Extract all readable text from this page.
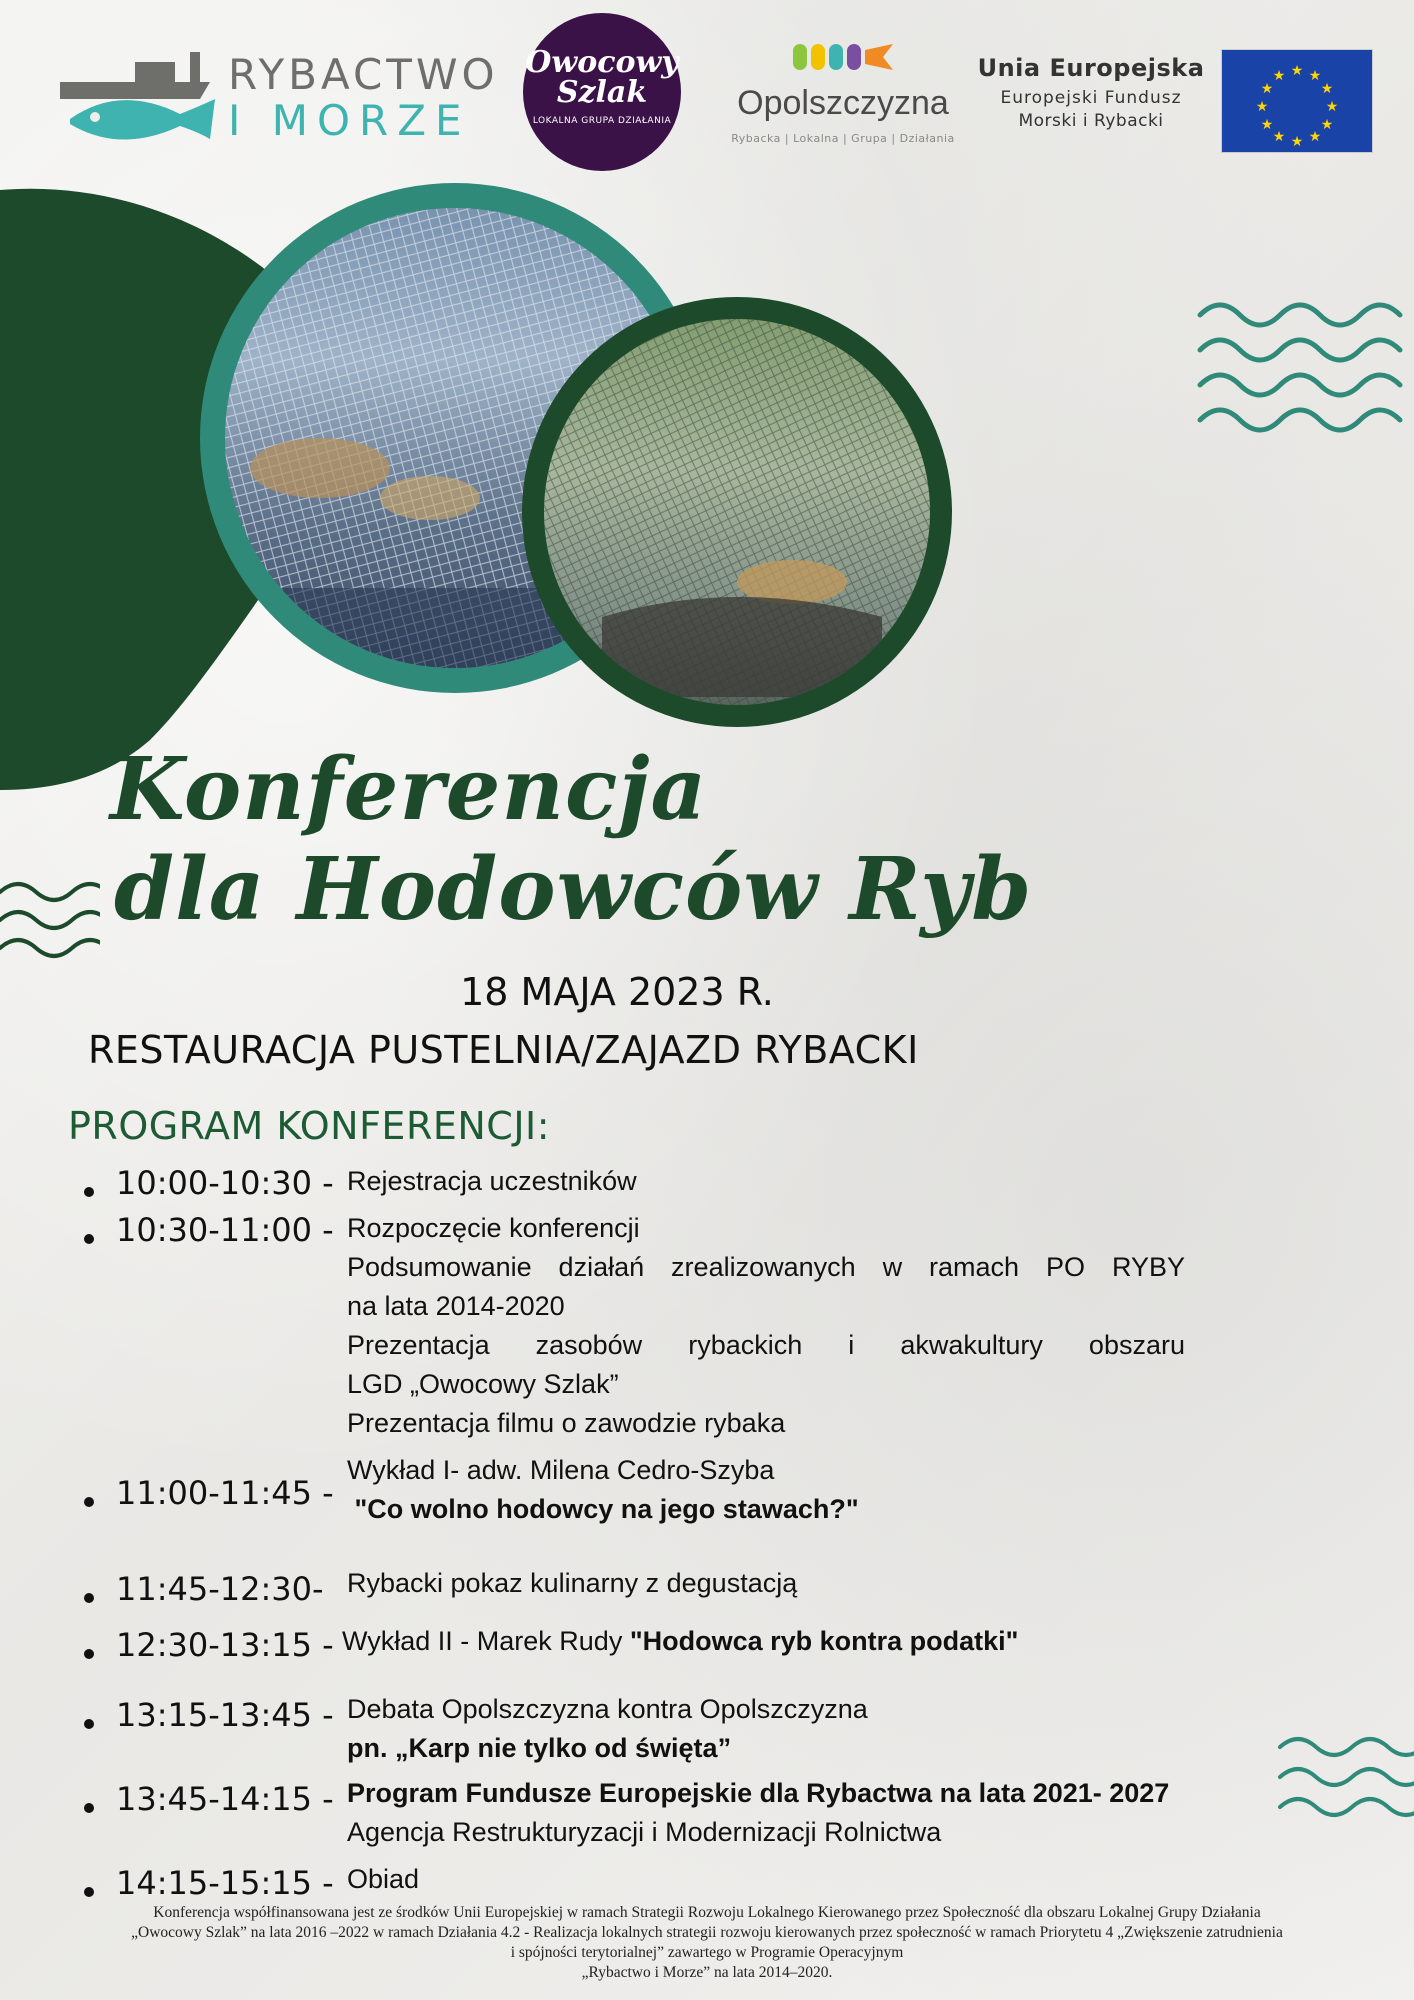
RYBACTWO
I MORZE
Owocowy
Szlak
LOKALNA GRUPA DZIAŁANIA Opolszczyzna
Rybacka | Lokalna | Grupa | Działania
Unia Europejska
Europejski Fundusz
Morski i Rybacki
★ ★
★
★
★
★
★
★
★
★
★
★
Konferencja

dla Hodowców Ryb
18 MAJA 2023 R.
RESTAURACJA PUSTELNIA/ZAJAZD RYBACKI
PROGRAM KONFERENCJI:
10:00-10:30 - Rejestracja uczestników
10:30-11:00 - Rozpoczęcie konferencji
Podsumowanie działań zrealizowanych w ramach PO RYBY
na lata 2014-2020
Prezentacja zasobów rybackich i akwakultury obszaru
LGD „Owocowy Szlak”
Prezentacja filmu o zawodzie rybaka
11:00-11:45 -
Wykład I- adw. Milena Cedro-Szyba
"Co wolno hodowcy na jego stawach?"
11:45-12:30- Rybacki pokaz kulinarny z degustacją
12:30-13:15 - Wykład II - Marek Rudy "Hodowca ryb kontra podatki"
13:15-13:45 - Debata Opolszczyzna kontra Opolszczyzna
pn. „Karp nie tylko od święta”
13:45-14:15 - Program Fundusze Europejskie dla Rybactwa na lata 2021- 2027
Agencja Restrukturyzacji i Modernizacji Rolnictwa
14:15-15:15 - Obiad
Konferencja współfinansowana jest ze środków Unii Europejskiej w ramach Strategii Rozwoju Lokalnego Kierowanego przez Społeczność dla obszaru Lokalnej Grupy Działania
„Owocowy Szlak” na lata 2016 –2022 w ramach Działania 4.2 - Realizacja lokalnych strategii rozwoju kierowanych przez społeczność w ramach Priorytetu 4 „Zwiększenie zatrudnienia
i spójności terytorialnej” zawartego w Programie Operacyjnym
„Rybactwo i Morze” na lata 2014–2020.
